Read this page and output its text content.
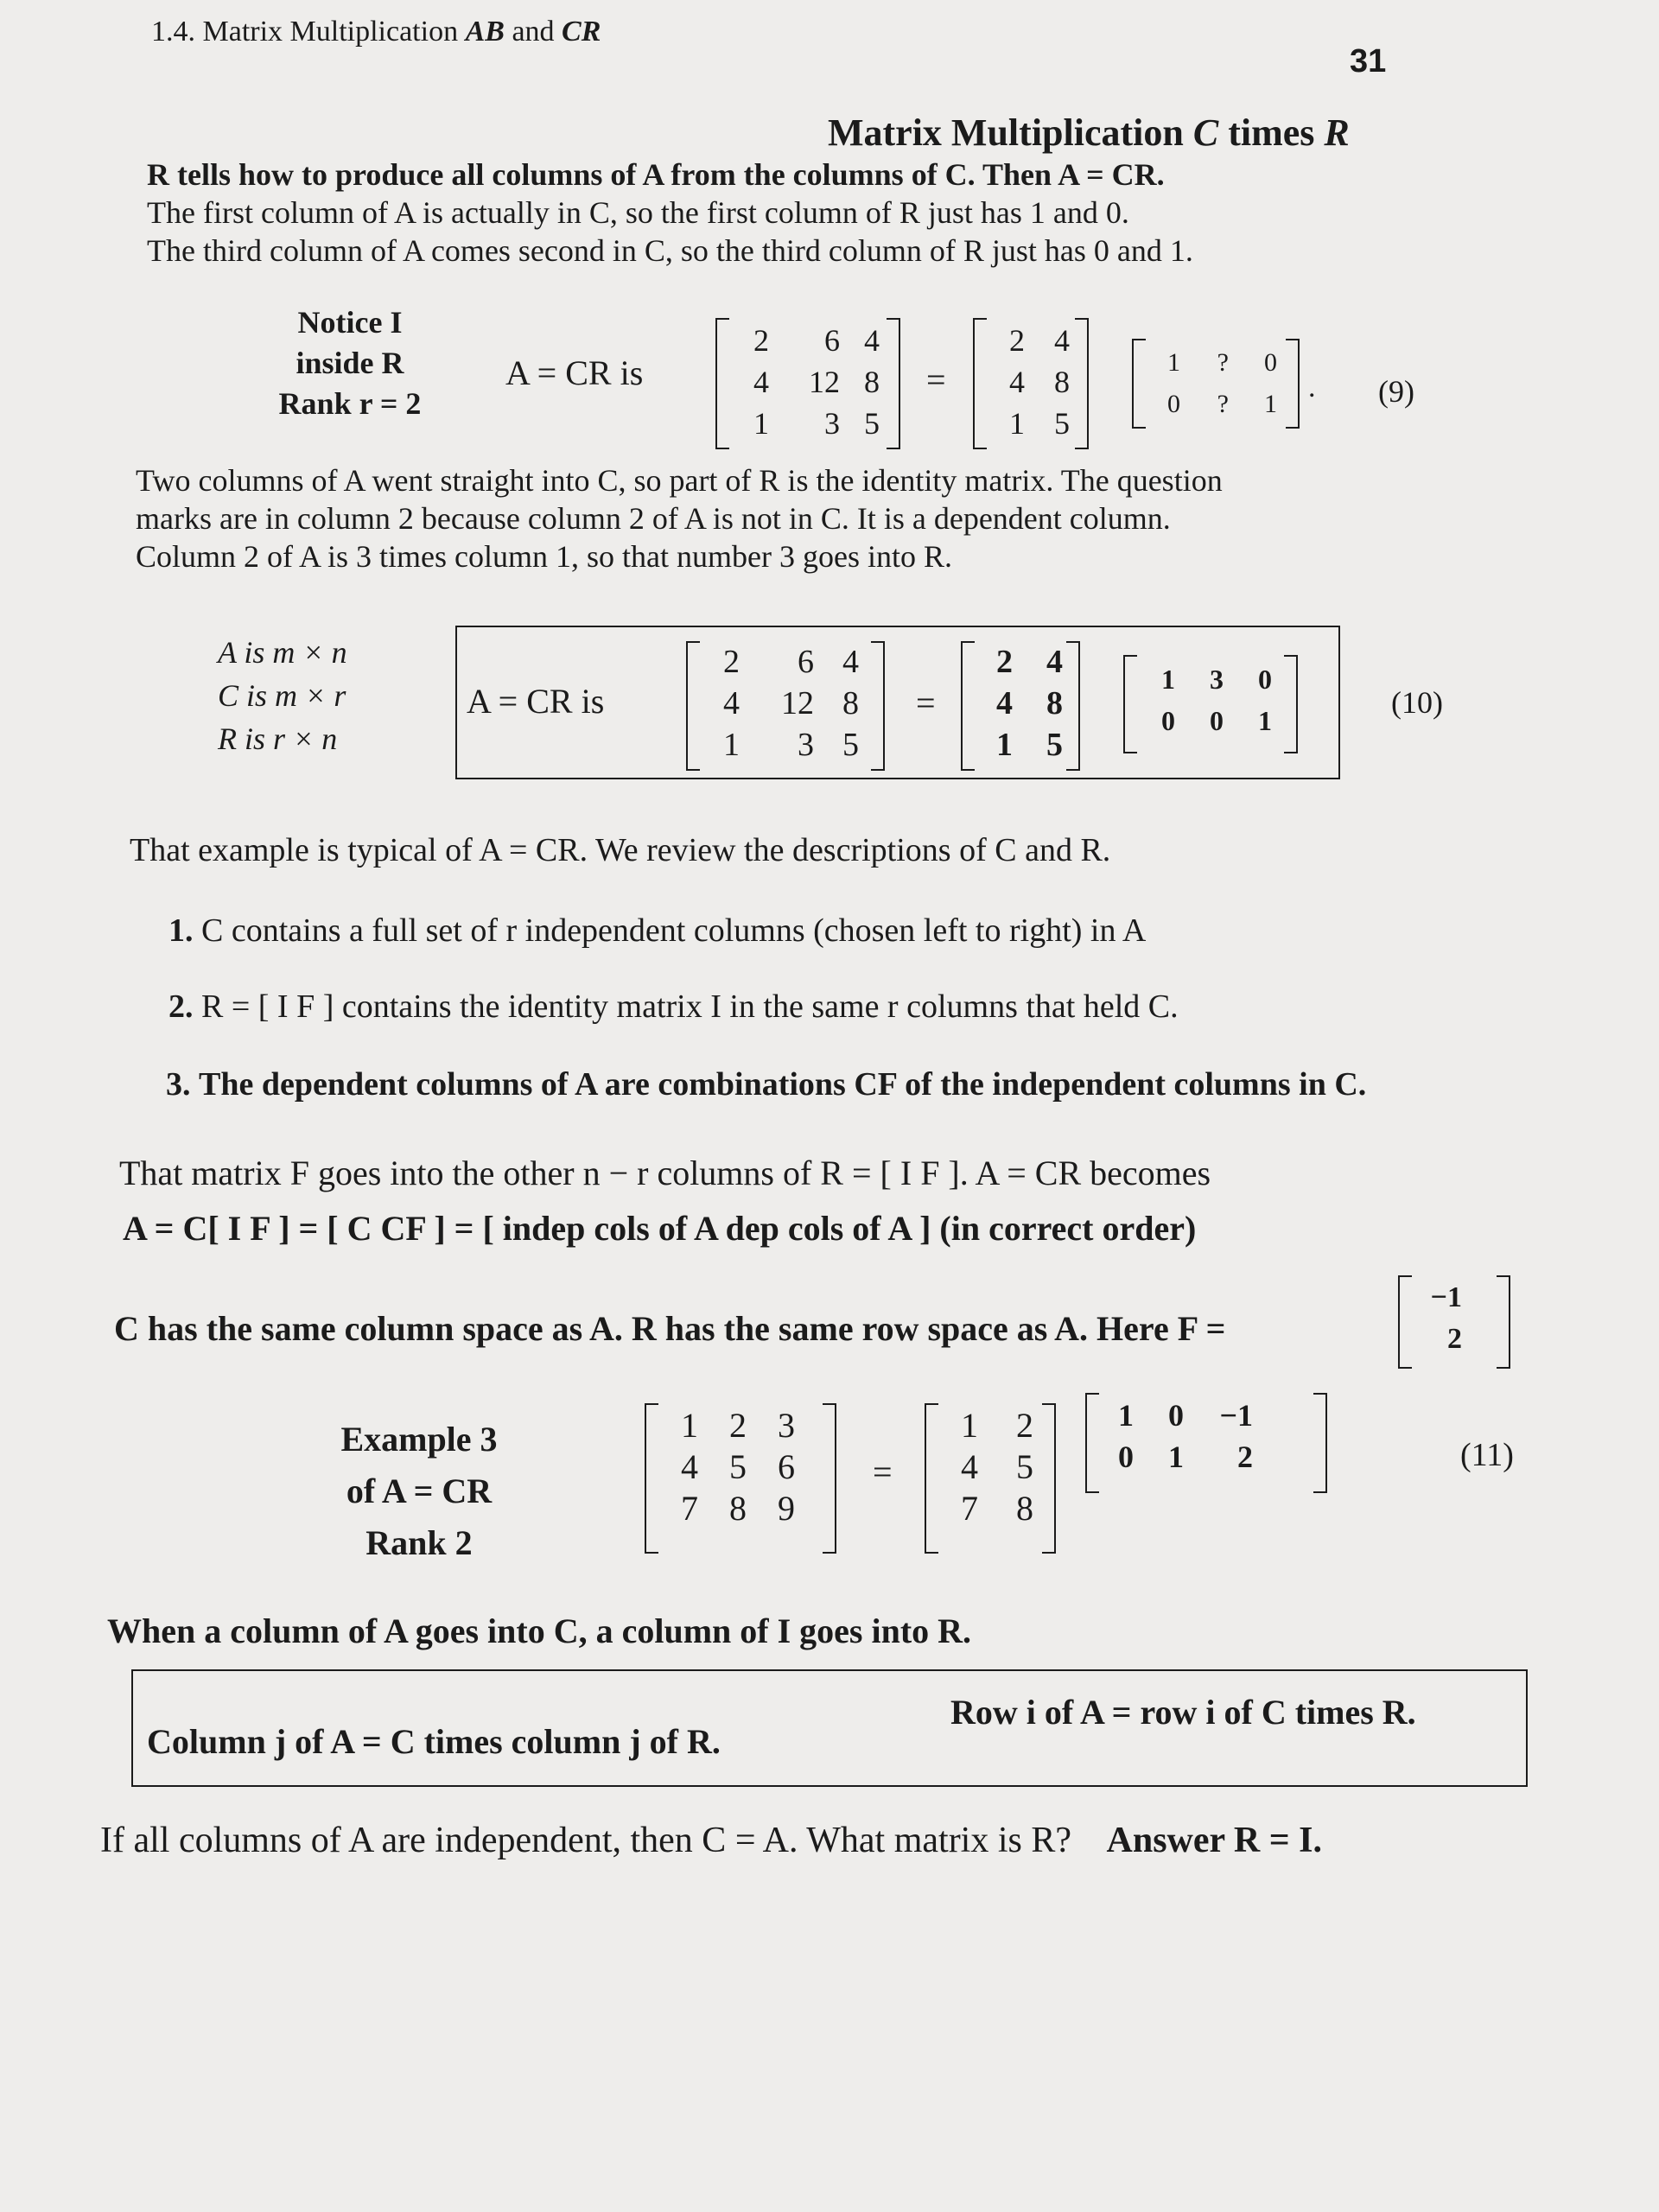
1.4. Matrix Multiplication AB and CR
31
Matrix Multiplication C times R
R tells how to produce all columns of A from the columns of C. Then A = CR.
The first column of A is actually in C, so the first column of R just has 1 and 0.
The third column of A comes second in C, so the third column of R just has 0 and 1.
Notice I
inside R
Rank r = 2
A = CR is
2	6 4
4	12 8
1	3 5
=
2 4
4 8
1 5
1	?	0
0	?	1
. (9)
Two columns of A went straight into C, so part of R is the identity matrix. The question
marks are in column 2 because column 2 of A is not in C. It is a dependent column.
Column 2 of A is 3 times column 1, so that number 3 goes into R.
A is m × n
C is m × r
R is r × n
A = CR is
2	6 4
4	12 8
1	3 5
=
2	4
4	8
1	5
1	3	0
0	0	1
(10)
That example is typical of A = CR. We review the descriptions of C and R.
1. C contains a full set of r independent columns (chosen left to right) in A
2. R = [ I F ] contains the identity matrix I in the same r columns that held C.
3. The dependent columns of A are combinations CF of the independent columns in C.
That matrix F goes into the other n − r columns of R = [ I F ]. A = CR becomes
A = C[ I F ] = [ C CF ] = [ indep cols of A dep cols of A ] (in correct order)
C has the same column space as A. R has the same row space as A. Here F =
−1
2
Example 3
of A = CR
Rank 2
1 2 3
4 5 6
7 8 9
=
1	2
4	5
7	8
1	0	−1
0	1	2	(11)
When a column of A goes into C, a column of I goes into R.
Column j of A = C times column j of R.
Row i of A = row i of C times R.
If all columns of A are independent, then C = A. What matrix is R? Answer R = I.
